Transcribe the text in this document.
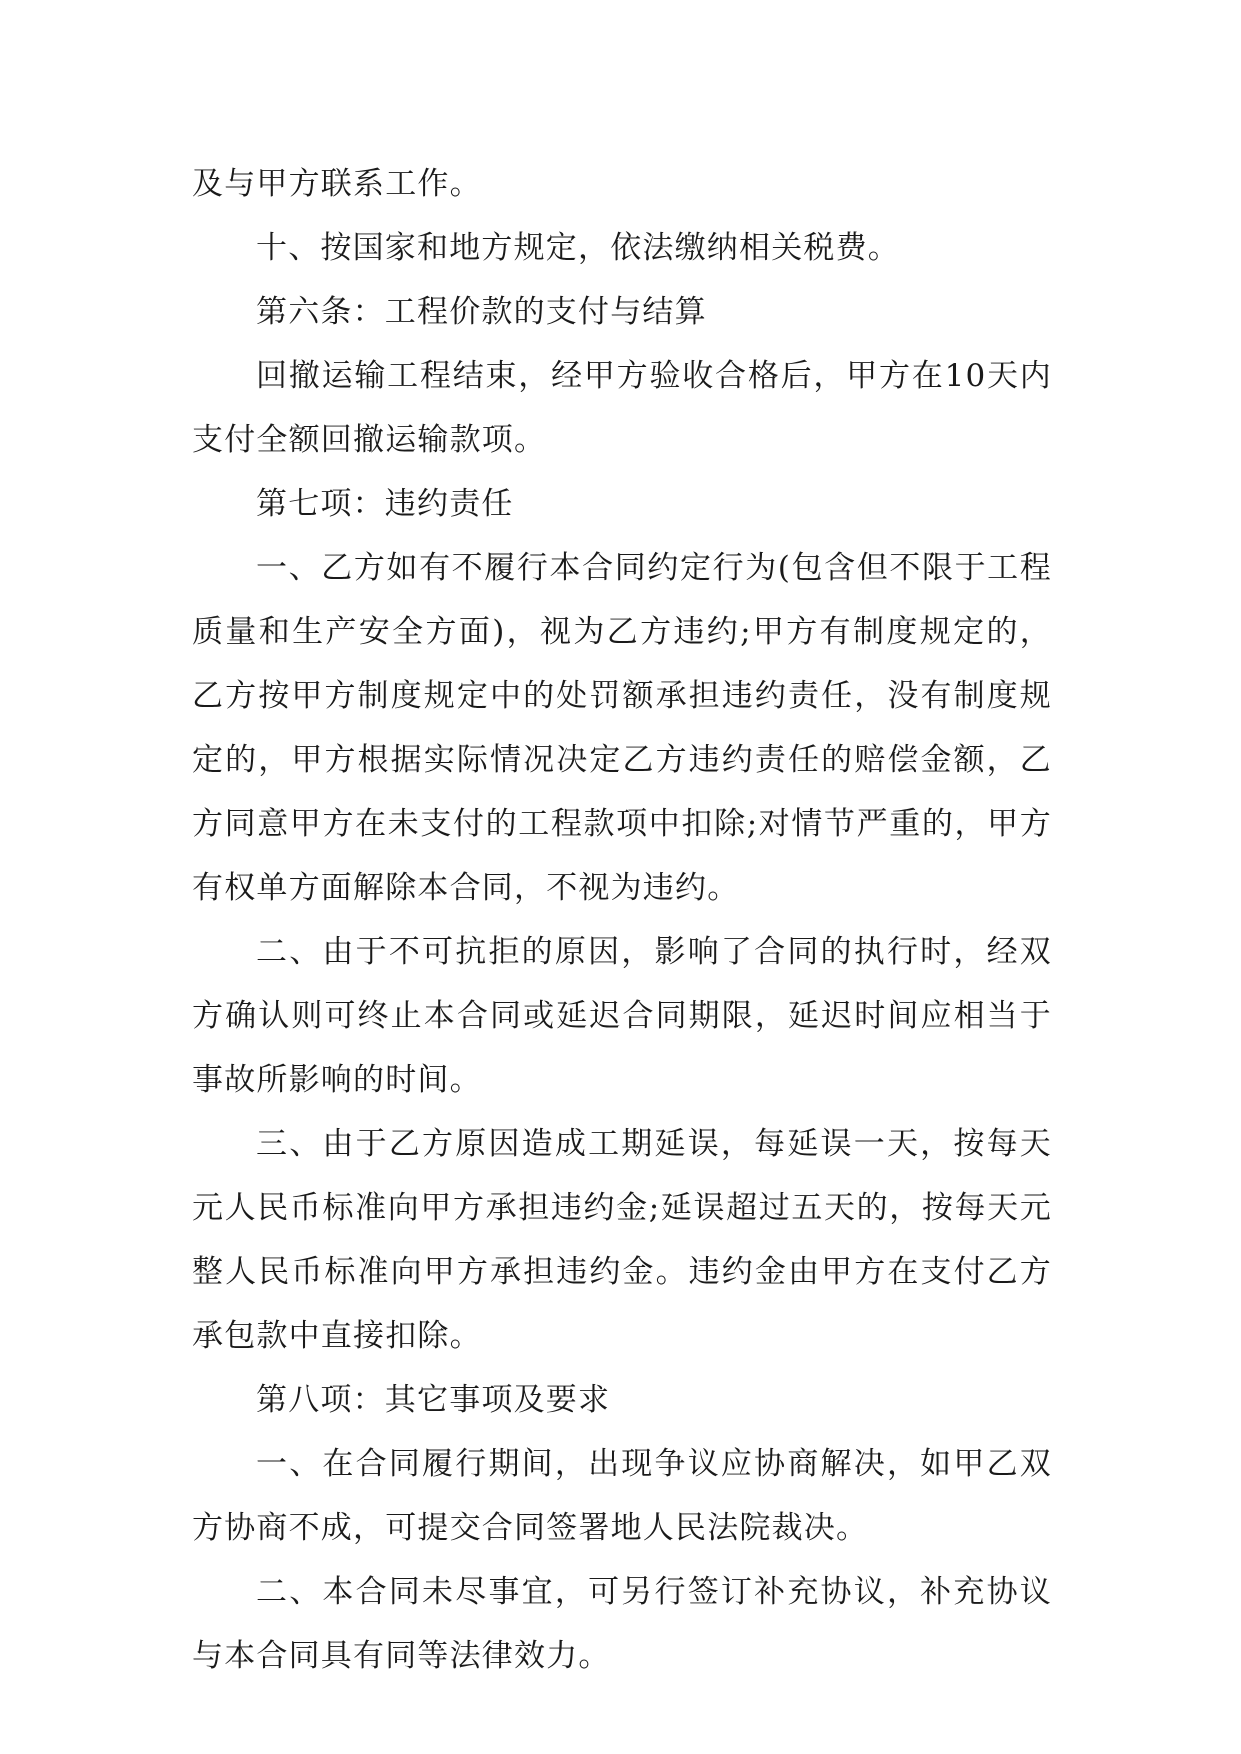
及与甲方联系工作。

十、按国家和地方规定，依法缴纳相关税费。

第六条：工程价款的支付与结算

回撤运输工程结束，经甲方验收合格后，甲方在10天内支付全额回撤运输款项。

第七项：违约责任

一、乙方如有不履行本合同约定行为(包含但不限于工程质量和生产安全方面)，视为乙方违约;甲方有制度规定的，乙方按甲方制度规定中的处罚额承担违约责任，没有制度规定的，甲方根据实际情况决定乙方违约责任的赔偿金额，乙方同意甲方在未支付的工程款项中扣除;对情节严重的，甲方有权单方面解除本合同，不视为违约。

二、由于不可抗拒的原因，影响了合同的执行时，经双方确认则可终止本合同或延迟合同期限，延迟时间应相当于事故所影响的时间。

三、由于乙方原因造成工期延误，每延误一天，按每天元人民币标准向甲方承担违约金;延误超过五天的，按每天元整人民币标准向甲方承担违约金。违约金由甲方在支付乙方承包款中直接扣除。

第八项：其它事项及要求

一、在合同履行期间，出现争议应协商解决，如甲乙双方协商不成，可提交合同签署地人民法院裁决。

二、本合同未尽事宜，可另行签订补充协议，补充协议与本合同具有同等法律效力。
